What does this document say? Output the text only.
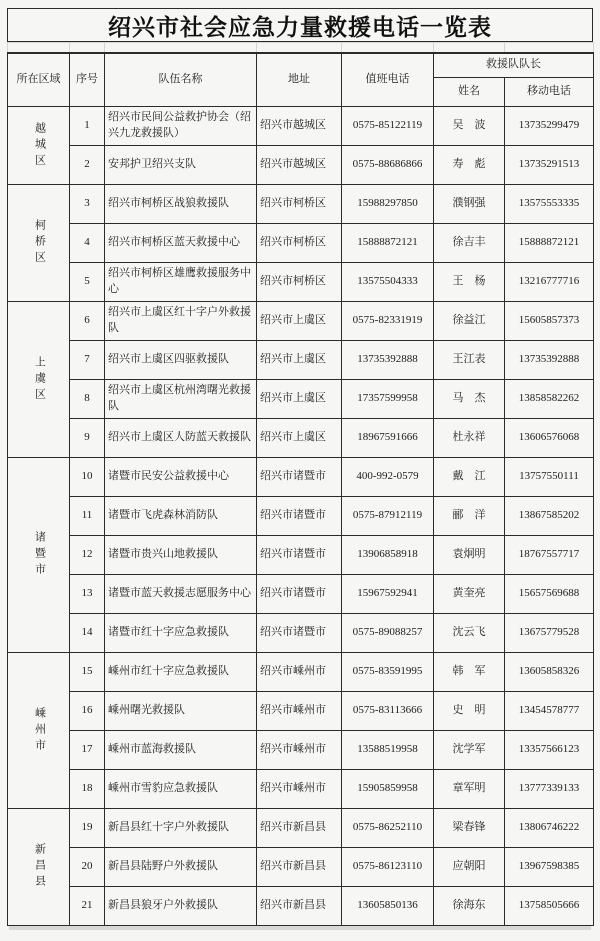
绍兴市社会应急力量救援电话一览表

所在区域	序号	队伍名称	地址	值班电话	救援队队长	
					姓名	移动电话
越城区	1	绍兴市民间公益救护协会（绍兴九龙救援队）	绍兴市越城区	0575-85122119	吴　波	13735299479
	2	安邦护卫绍兴支队	绍兴市越城区	0575-88686866	寿　彪	13735291513
柯桥区	3	绍兴市柯桥区战狼救援队	绍兴市柯桥区	15988297850	濮钢强	13575553335
	4	绍兴市柯桥区蓝天救援中心	绍兴市柯桥区	15888872121	徐吉丰	15888872121
	5	绍兴市柯桥区雄鹰救援服务中心	绍兴市柯桥区	13575504333	王　杨	13216777716
上虞区	6	绍兴市上虞区红十字户外救援队	绍兴市上虞区	0575-82331919	徐益江	15605857373
	7	绍兴市上虞区四驱救援队	绍兴市上虞区	13735392888	王江表	13735392888
	8	绍兴市上虞区杭州湾曙光救援队	绍兴市上虞区	17357599958	马　杰	13858582262
	9	绍兴市上虞区人防蓝天救援队	绍兴市上虞区	18967591666	杜永祥	13606576068
诸暨市	10	诸暨市民安公益救援中心	绍兴市诸暨市	400-992-0579	戴　江	13757550111
	11	诸暨市飞虎森林消防队	绍兴市诸暨市	0575-87912119	郦　洋	13867585202
	12	诸暨市贵兴山地救援队	绍兴市诸暨市	13906858918	袁炯明	18767557717
	13	诸暨市蓝天救援志愿服务中心	绍兴市诸暨市	15967592941	黄奎亮	15657569688
	14	诸暨市红十字应急救援队	绍兴市诸暨市	0575-89088257	沈云飞	13675779528
嵊州市	15	嵊州市红十字应急救援队	绍兴市嵊州市	0575-83591995	韩　军	13605858326
	16	嵊州曙光救援队	绍兴市嵊州市	0575-83113666	史　明	13454578777
	17	嵊州市蓝海救援队	绍兴市嵊州市	13588519958	沈学军	13357566123
	18	嵊州市雪豹应急救援队	绍兴市嵊州市	15905859958	章军明	13777339133
新昌县	19	新昌县红十字户外救援队	绍兴市新昌县	0575-86252110	梁春锋	13806746222
	20	新昌县陆野户外救援队	绍兴市新昌县	0575-86123110	应朝阳	13967598385
	21	新昌县狼牙户外救援队	绍兴市新昌县	13605850136	徐海东	13758505666
